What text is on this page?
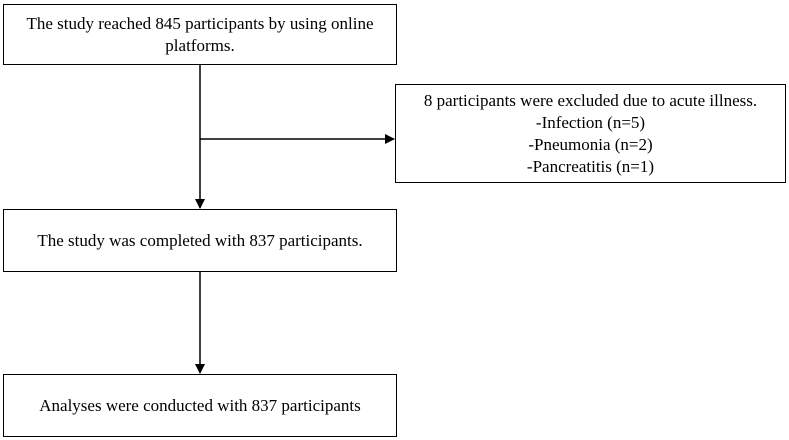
The study reached 845 participants by using online platforms.
8 participants were excluded due to acute illness.
-Infection (n=5)
-Pneumonia (n=2)
-Pancreatitis (n=1)
The study was completed with 837 participants.
Analyses were conducted with 837 participants
